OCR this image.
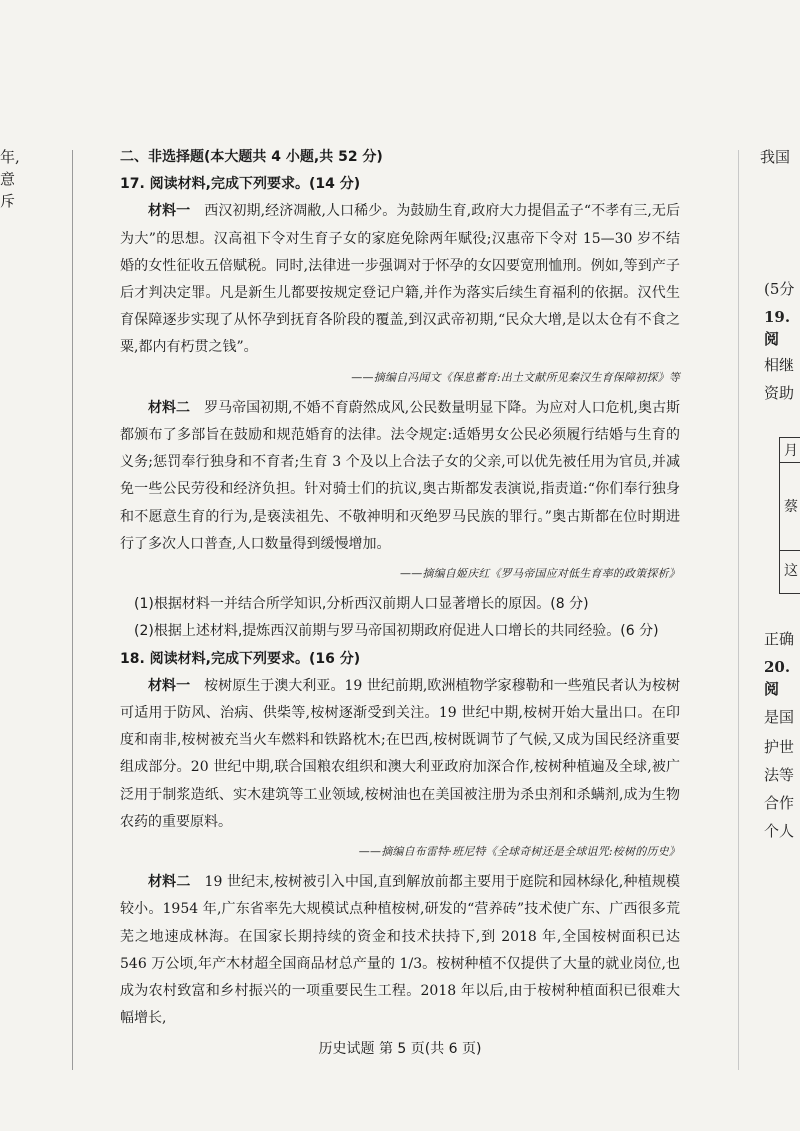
年,
意斥
我国
(5分
19.阅
相继
资助
正确
20.阅
是国
护世
法等
合作
个人
月
蔡
这

二、非选择题(本大题共 4 小题,共 52 分)

17. 阅读材料,完成下列要求。(14 分)

材料一  西汉初期,经济凋敝,人口稀少。为鼓励生育,政府大力提倡孟子“不孝有三,无后为大”的思想。汉高祖下令对生育子女的家庭免除两年赋役;汉惠帝下令对 15—30 岁不结婚的女性征收五倍赋税。同时,法律进一步强调对于怀孕的女囚要宽刑恤刑。例如,等到产子后才判决定罪。凡是新生儿都要按规定登记户籍,并作为落实后续生育福利的依据。汉代生育保障逐步实现了从怀孕到抚育各阶段的覆盖,到汉武帝初期,“民众大增,是以太仓有不食之粟,都内有朽贯之钱”。

——摘编自冯闻文《保息蓄育:出土文献所见秦汉生育保障初探》等

材料二  罗马帝国初期,不婚不育蔚然成风,公民数量明显下降。为应对人口危机,奥古斯都颁布了多部旨在鼓励和规范婚育的法律。法令规定:适婚男女公民必须履行结婚与生育的义务;惩罚奉行独身和不育者;生育 3 个及以上合法子女的父亲,可以优先被任用为官员,并减免一些公民劳役和经济负担。针对骑士们的抗议,奥古斯都发表演说,指责道:“你们奉行独身和不愿意生育的行为,是亵渎祖先、不敬神明和灭绝罗马民族的罪行。”奥古斯都在位时期进行了多次人口普查,人口数量得到缓慢增加。

——摘编自姬庆红《罗马帝国应对低生育率的政策探析》

(1)根据材料一并结合所学知识,分析西汉前期人口显著增长的原因。(8 分)

(2)根据上述材料,提炼西汉前期与罗马帝国初期政府促进人口增长的共同经验。(6 分)

18. 阅读材料,完成下列要求。(16 分)

材料一  桉树原生于澳大利亚。19 世纪前期,欧洲植物学家穆勒和一些殖民者认为桉树可适用于防风、治病、供柴等,桉树逐渐受到关注。19 世纪中期,桉树开始大量出口。在印度和南非,桉树被充当火车燃料和铁路枕木;在巴西,桉树既调节了气候,又成为国民经济重要组成部分。20 世纪中期,联合国粮农组织和澳大利亚政府加深合作,桉树种植遍及全球,被广泛用于制浆造纸、实木建筑等工业领域,桉树油也在美国被注册为杀虫剂和杀螨剂,成为生物农药的重要原料。

——摘编自布雷特·班尼特《全球奇树还是全球诅咒:桉树的历史》

材料二  19 世纪末,桉树被引入中国,直到解放前都主要用于庭院和园林绿化,种植规模较小。1954 年,广东省率先大规模试点种植桉树,研发的“营养砖”技术使广东、广西很多荒芜之地速成林海。在国家长期持续的资金和技术扶持下,到 2018 年,全国桉树面积已达 546 万公顷,年产木材超全国商品材总产量的 1/3。桉树种植不仅提供了大量的就业岗位,也成为农村致富和乡村振兴的一项重要民生工程。2018 年以后,由于桉树种植面积已很难大幅增长,

历史试题 第 5 页(共 6 页)
